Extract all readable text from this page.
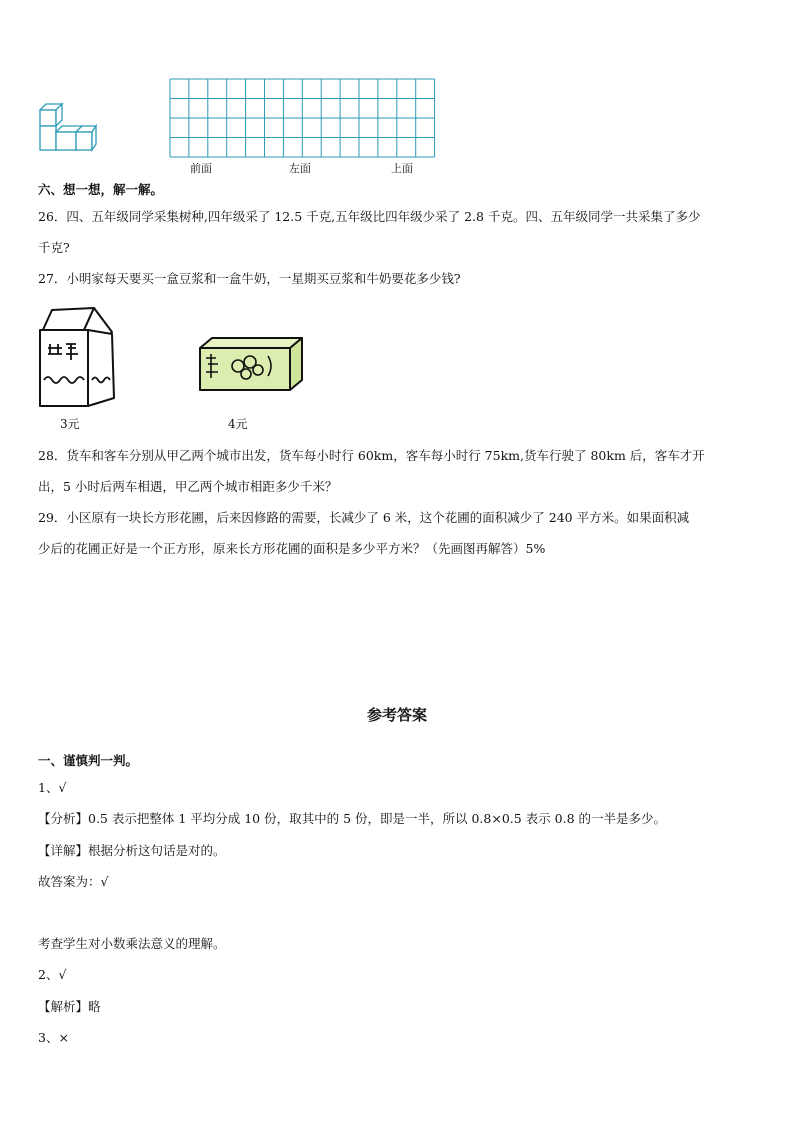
前面	左面	上面
六、想一想，解一解。
26．四、五年级同学采集树种,四年级采了 12.5 千克,五年级比四年级少采了 2.8 千克。四、五年级同学一共采集了多少
千克?
27．小明家每天要买一盒豆浆和一盒牛奶，一星期买豆浆和牛奶要花多少钱?
3元	4元
28．货车和客车分别从甲乙两个城市出发，货车每小时行 60km，客车每小时行 75km,货车行驶了 80km 后，客车才开
出，5 小时后两车相遇，甲乙两个城市相距多少千米？
29．小区原有一块长方形花圃，后来因修路的需要，长减少了 6 米，这个花圃的面积减少了 240 平方米。如果面积减
少后的花圃正好是一个正方形，原来长方形花圃的面积是多少平方米？（先画图再解答）5%
参考答案
一、谨慎判一判。
1、√
【分析】0.5 表示把整体 1 平均分成 10 份，取其中的 5 份，即是一半，所以 0.8×0.5 表示 0.8 的一半是多少。
【详解】根据分析这句话是对的。
故答案为：√
考查学生对小数乘法意义的理解。
2、√
【解析】略
3、×
